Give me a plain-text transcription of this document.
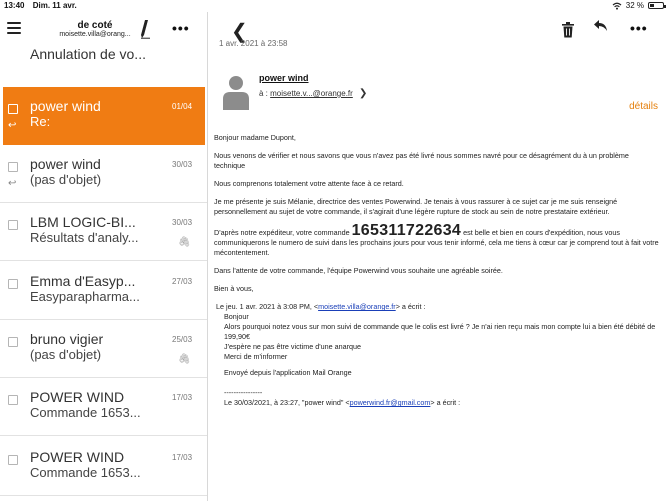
13:40 Dim. 11 avr.	32 %
de coté
moisette.villa@orang...	•••
Annulation de vo...
↩
power wind
Re:
01/04
↩
power wind
(pas d'objet)
30/03
🖇
LBM LOGIC-BI...
Résultats d'analy...
30/03
Emma d'Easyp...
Easyparapharma...
27/03
🖇
bruno vigier
(pas d'objet)
25/03
POWER WIND
Commande 1653...
17/03
POWER WIND
Commande 1653...
17/03
❮	•••
1 avr. 2021 à 23:58
power wind
à : moisette.v...@orange.fr ❯
détails

Bonjour madame Dupont,

Nous venons de vérifier et nous savons que vous n'avez pas été livré nous sommes navré pour ce désagrément du à un problème technique

Nous comprenons totalement votre attente face à ce retard.

Je me présente je suis Mélanie, directrice des ventes Powerwind. Je tenais à vous rassurer à ce sujet car je me suis renseigné personnellement au sujet de votre commande, il s'agirait d'une légère rupture de stock au sein de notre prestataire extérieur.

D'après notre expéditeur, votre commande 165311722634 est belle et bien en cours d'expédition, nous vous communiquerons le numero de suivi dans les prochains jours pour vous tenir informé, cela me tiens à cœur car je comprend tout à fait votre mécontentement.

Dans l'attente de votre commande, l'équipe Powerwind vous souhaite une agréable soirée.

Bien à vous,

Le jeu. 1 avr. 2021 à 3:08 PM, <moisette.villa@orange.fr> a écrit :
Bonjour
Alors pourquoi notez vous sur mon suivi de commande que le colis est livré ? Je n'ai rien reçu mais mon compte lui a bien été débité de 199,90€
J'espère ne pas être victime d'une anarque
Merci de m'informer
Envoyé depuis l'application Mail Orange
----------------
Le 30/03/2021, à 23:27, "power wind" <powerwind.fr@gmail.com> a écrit :
